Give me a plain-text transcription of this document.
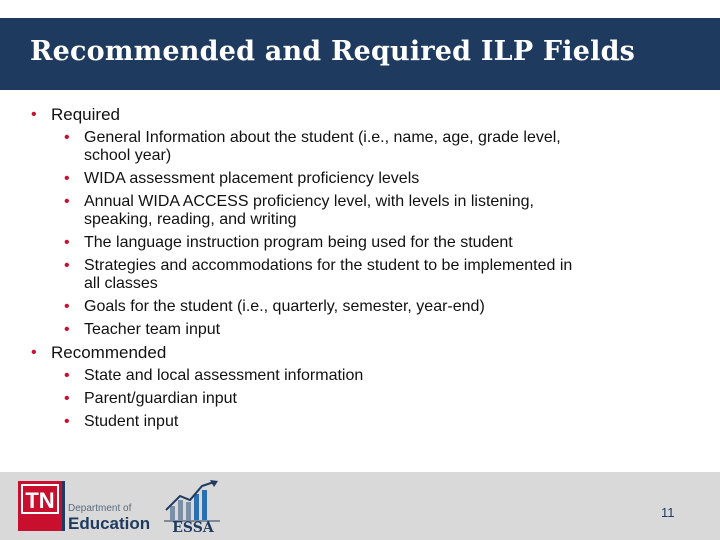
Recommended and Required ILP Fields
• Required
• General Information about the student (i.e., name, age, grade level,
school year)
• WIDA assessment placement proficiency levels
• Annual WIDA ACCESS proficiency level, with levels in listening,
speaking, reading, and writing
• The language instruction program being used for the student
• Strategies and accommodations for the student to be implemented in
all classes
• Goals for the student (i.e., quarterly, semester, year-end)
• Teacher team input
• Recommended
• State and local assessment information
• Parent/guardian input
• Student input
TN Department of
Education ESSA
11
